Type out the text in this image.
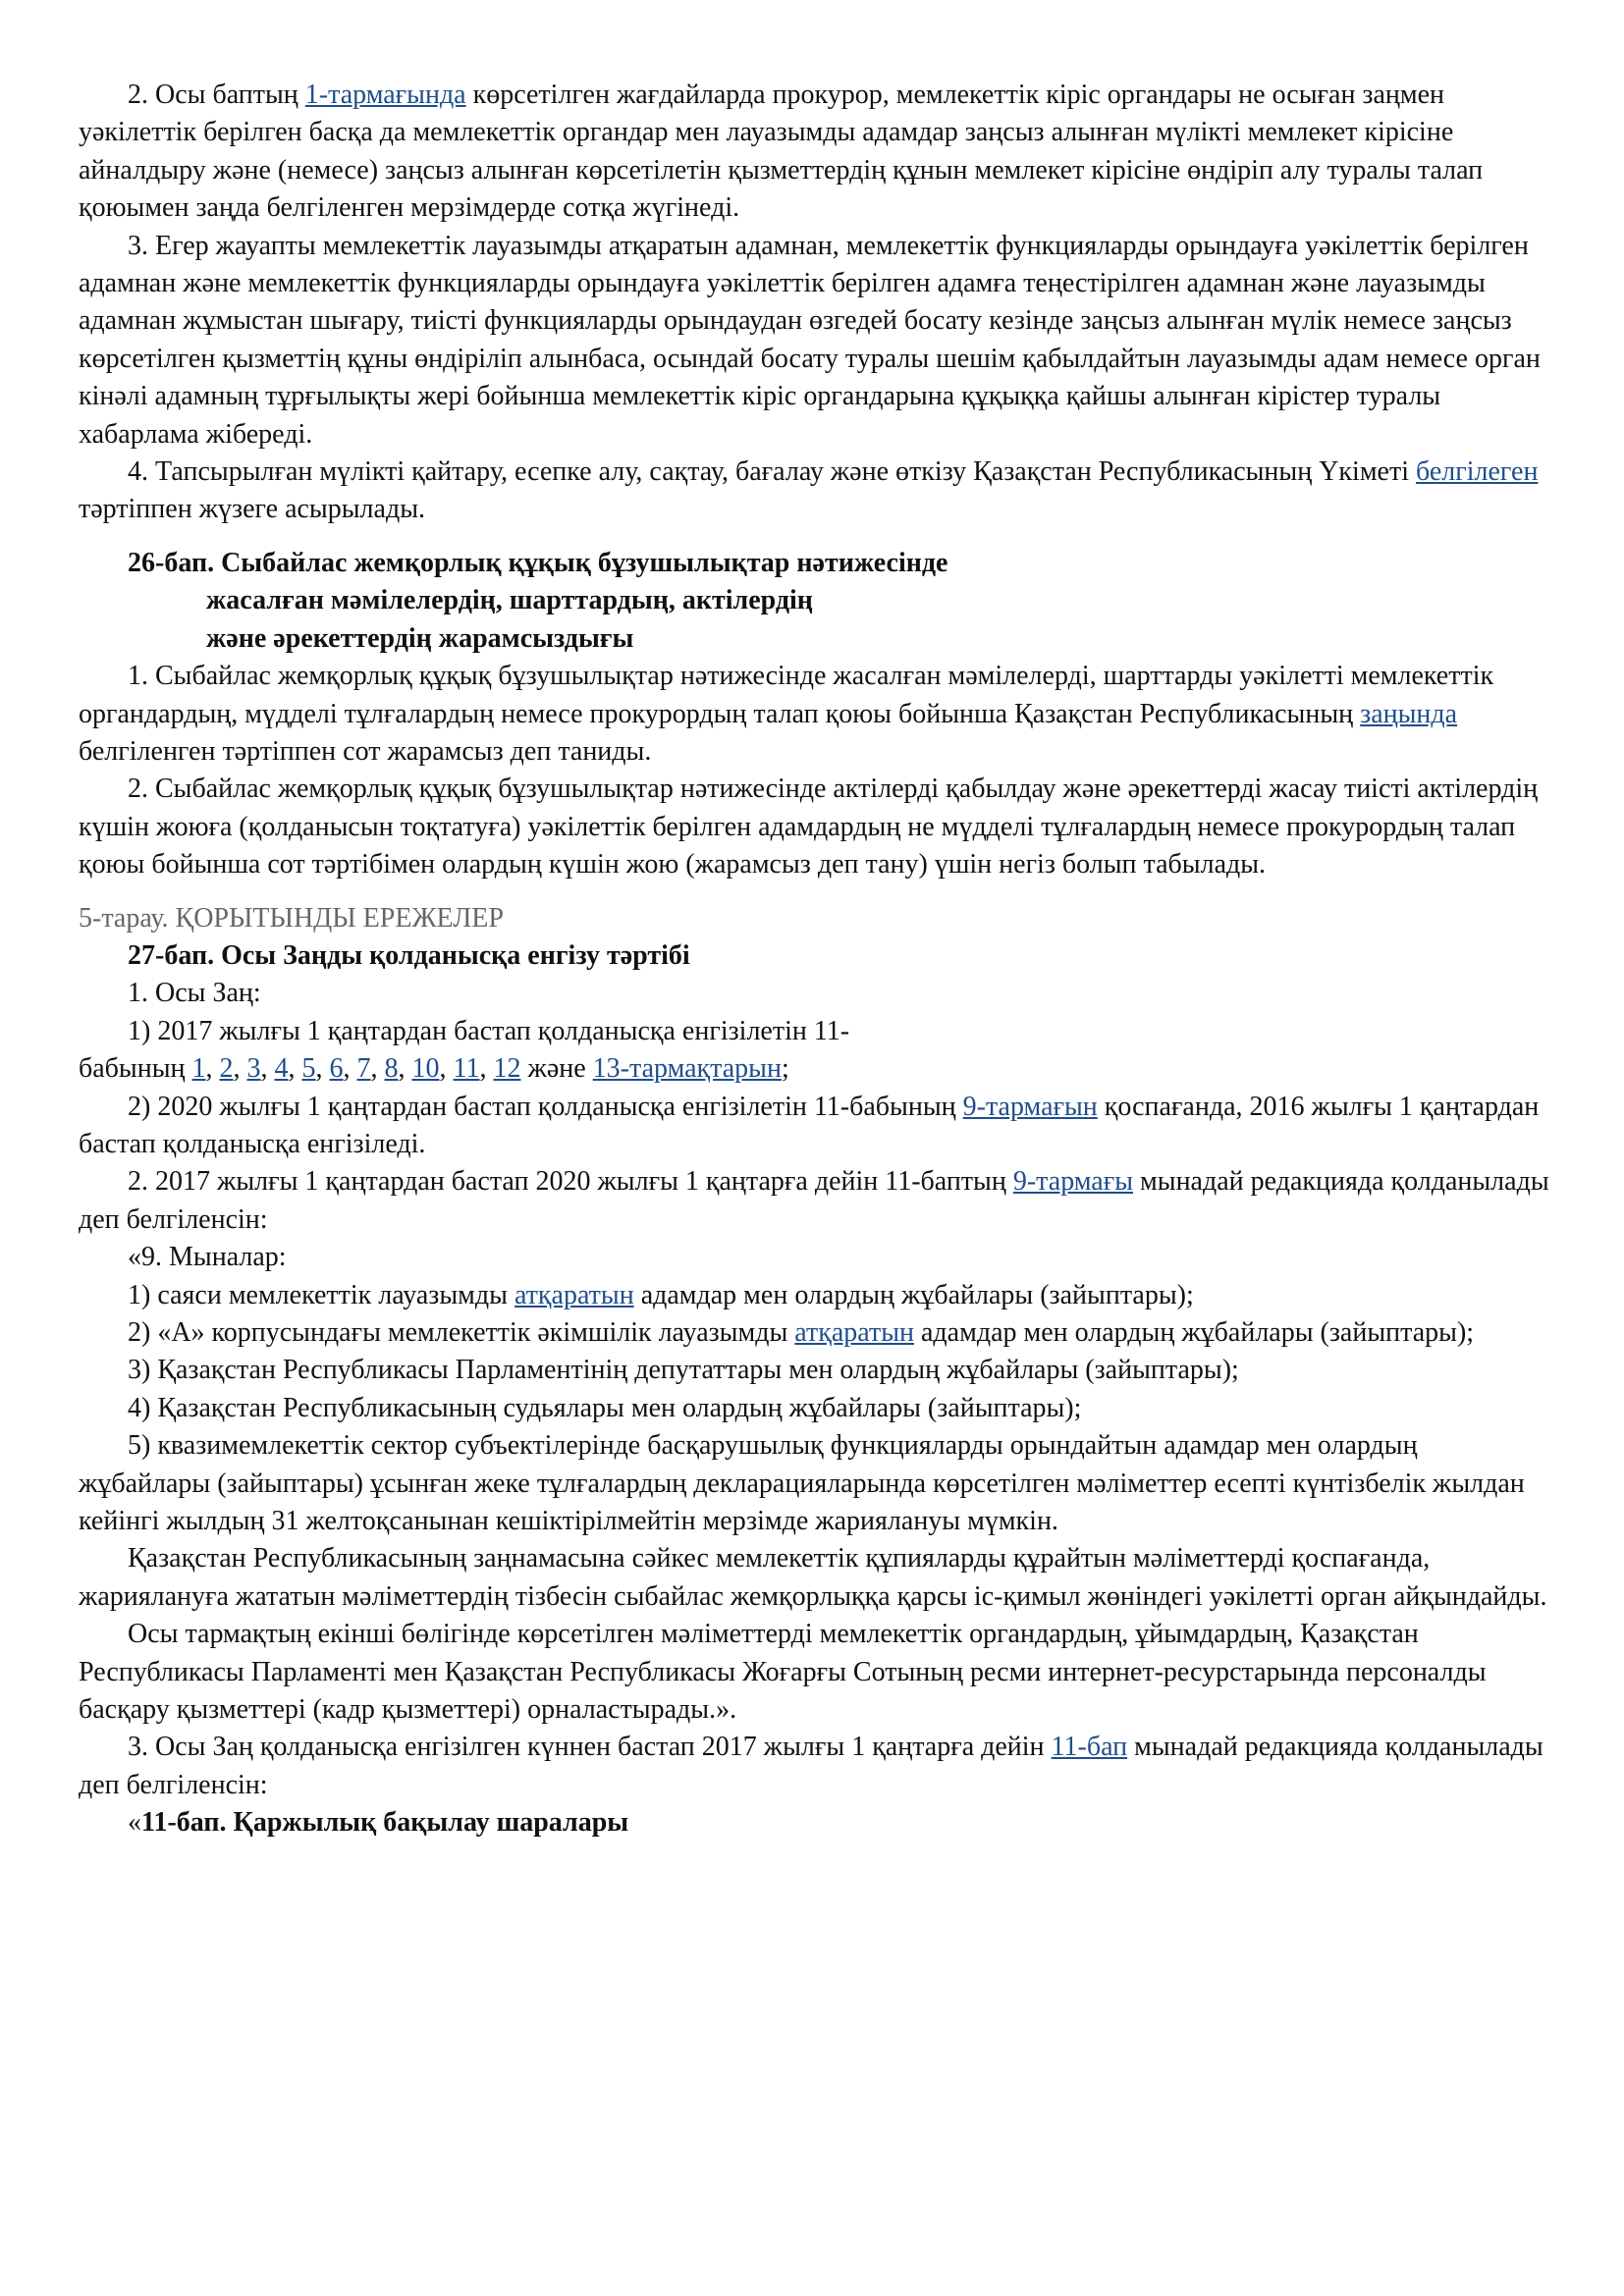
2. Осы баптың 1-тармағында көрсетілген жағдайларда прокурор, мемлекеттік кіріс органдары не осыған заңмен уәкілеттік берілген басқа да мемлекеттік органдар мен лауазымды адамдар заңсыз алынған мүлікті мемлекет кірісіне айналдыру және (немесе) заңсыз алынған көрсетілетін қызметтердің құнын мемлекет кірісіне өндіріп алу туралы талап қоюымен заңда белгіленген мерзімдерде сотқа жүгінеді.

3. Егер жауапты мемлекеттік лауазымды атқаратын адамнан, мемлекеттік функцияларды орындауға уәкілеттік берілген адамнан және мемлекеттік функцияларды орындауға уәкілеттік берілген адамға теңестірілген адамнан және лауазымды адамнан жұмыстан шығару, тиісті функцияларды орындаудан өзгедей босату кезінде заңсыз алынған мүлік немесе заңсыз көрсетілген қызметтің құны өндіріліп алынбаса, осындай босату туралы шешім қабылдайтын лауазымды адам немесе орган кінәлі адамның тұрғылықты жері бойынша мемлекеттік кіріс органдарына құқыққа қайшы алынған кірістер туралы хабарлама жібереді.

4. Тапсырылған мүлікті қайтару, есепке алу, сақтау, бағалау және өткізу Қазақстан Республикасының Үкіметі белгілеген тәртіппен жүзеге асырылады.

26-бап. Сыбайлас жемқорлық құқық бұзушылықтар нәтижесінде
жасалған мәмілелердің, шарттардың, актілердің
және әрекеттердің жарамсыздығы

1. Сыбайлас жемқорлық құқық бұзушылықтар нәтижесінде жасалған мәмілелерді, шарттарды уәкілетті мемлекеттік органдардың, мүдделі тұлғалардың немесе прокурордың талап қоюы бойынша Қазақстан Республикасының заңында белгіленген тәртіппен сот жарамсыз деп таниды.

2. Сыбайлас жемқорлық құқық бұзушылықтар нәтижесінде актілерді қабылдау және әрекеттерді жасау тиісті актілердің күшін жоюға (қолданысын тоқтатуға) уәкілеттік берілген адамдардың не мүдделі тұлғалардың немесе прокурордың талап қоюы бойынша сот тәртібімен олардың күшін жою (жарамсыз деп тану) үшін негіз болып табылады.

5-тарау. ҚОРЫТЫНДЫ ЕРЕЖЕЛЕР

27-бап. Осы Заңды қолданысқа енгізу тәртібі

1. Осы Заң:

1) 2017 жылғы 1 қаңтардан бастап қолданысқа енгізілетін 11-
бабының 1, 2, 3, 4, 5, 6, 7, 8, 10, 11, 12 және 13-тармақтарын;

2) 2020 жылғы 1 қаңтардан бастап қолданысқа енгізілетін 11-бабының 9-тармағын қоспағанда, 2016 жылғы 1 қаңтардан бастап қолданысқа енгізіледі.

2. 2017 жылғы 1 қаңтардан бастап 2020 жылғы 1 қаңтарға дейін 11-баптың 9-тармағы мынадай редакцияда қолданылады деп белгіленсін:

«9. Мыналар:

1) саяси мемлекеттік лауазымды атқаратын адамдар мен олардың жұбайлары (зайыптары);

2) «А» корпусындағы мемлекеттік әкімшілік лауазымды атқаратын адамдар мен олардың жұбайлары (зайыптары);

3) Қазақстан Республикасы Парламентінің депутаттары мен олардың жұбайлары (зайыптары);

4) Қазақстан Республикасының судьялары мен олардың жұбайлары (зайыптары);

5) квазимемлекеттік сектор субъектілерінде басқарушылық функцияларды орындайтын адамдар мен олардың жұбайлары (зайыптары) ұсынған жеке тұлғалардың декларацияларында көрсетілген мәліметтер есепті күнтізбелік жылдан кейінгі жылдың 31 желтоқсанынан кешіктірілмейтін мерзімде жариялануы мүмкін.

Қазақстан Республикасының заңнамасына сәйкес мемлекеттік құпияларды құрайтын мәліметтерді қоспағанда, жариялануға жататын мәліметтердің тізбесін сыбайлас жемқорлыққа қарсы іс-қимыл жөніндегі уәкілетті орган айқындайды.

Осы тармақтың екінші бөлігінде көрсетілген мәліметтерді мемлекеттік органдардың, ұйымдардың, Қазақстан Республикасы Парламенті мен Қазақстан Республикасы Жоғарғы Сотының ресми интернет-ресурстарында персоналды басқару қызметтері (кадр қызметтері) орналастырады.».

3. Осы Заң қолданысқа енгізілген күннен бастап 2017 жылғы 1 қаңтарға дейін 11-бап мынадай редакцияда қолданылады деп белгіленсін:

«11-бап. Қаржылық бақылау шаралары
